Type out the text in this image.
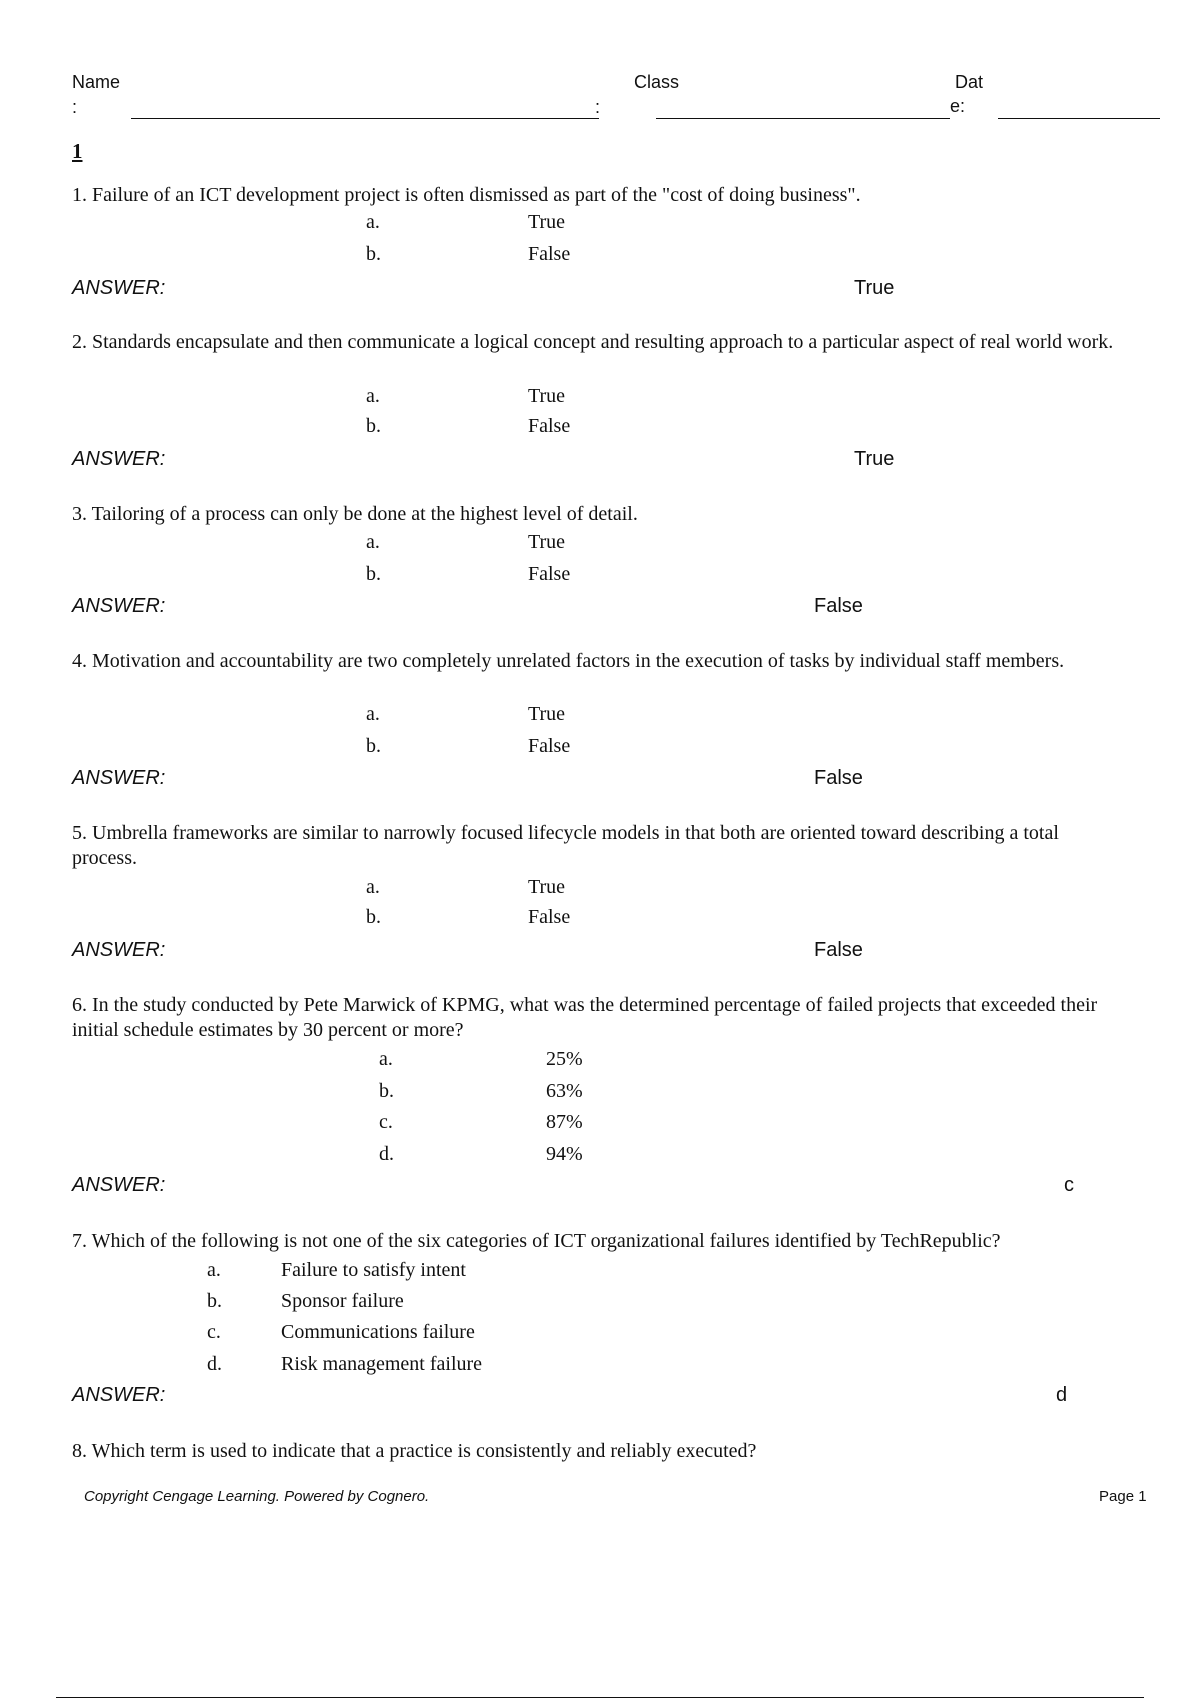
Name
:	:
Class	Dat
e:
1
1. Failure of an ICT development project is often dismissed as part of the "cost of doing business".
a.	True
b.	False
ANSWER:	True
2. Standards encapsulate and then communicate a logical concept and resulting approach to a particular aspect of real world work.
a.	True
b.	False
ANSWER:	True
3. Tailoring of a process can only be done at the highest level of detail.
a.	True
b.	False
ANSWER:	False
4. Motivation and accountability are two completely unrelated factors in the execution of tasks by individual staff members.
a.	True
b.	False
ANSWER:	False
5. Umbrella frameworks are similar to narrowly focused lifecycle models in that both are oriented toward describing a total process.
a.	True
b.	False
ANSWER:	False
6. In the study conducted by Pete Marwick of KPMG, what was the determined percentage of failed projects that exceeded their initial schedule estimates by 30 percent or more?
a.	25%
b.	63%
c.	87%
d.	94%
ANSWER:	c
7. Which of the following is not one of the six categories of ICT organizational failures identified by TechRepublic?
a.	Failure to satisfy intent
b.	Sponsor failure
c.	Communications failure
d.	Risk management failure
ANSWER:	d
8. Which term is used to indicate that a practice is consistently and reliably executed?
Copyright Cengage Learning. Powered by Cognero.	Page 1
